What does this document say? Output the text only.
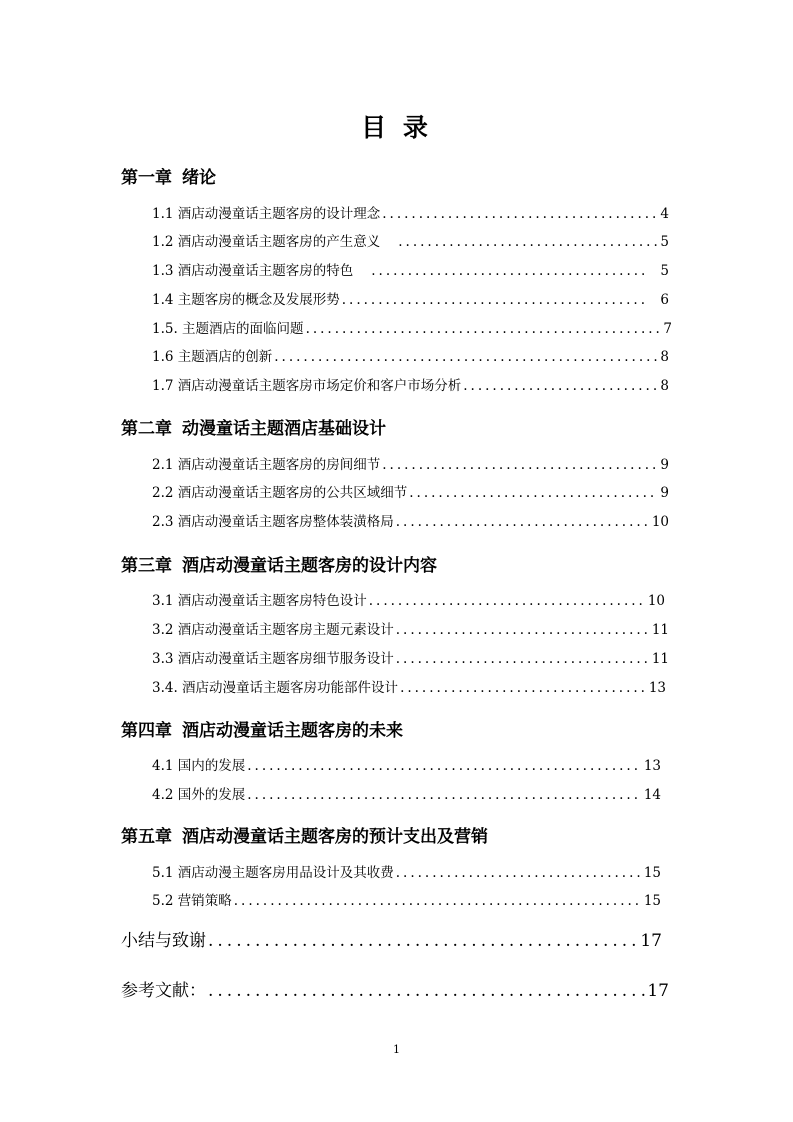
目 录
第一章 绪论
1.1 酒店动漫童话主题客房的设计理念 .....	4
1.2 酒店动漫童话主题客房的产生意义 .....	5
1.3 酒店动漫童话主题客房的特色 .....	5
1.4 主题客房的概念及发展形势 .....	6
1.5. 主题酒店的面临问题 .....	7
1.6 主题酒店的创新 .....	8
1.7 酒店动漫童话主题客房市场定价和客户市场分析 .....	8
第二章 动漫童话主题酒店基础设计
2.1 酒店动漫童话主题客房的房间细节 .....	9
2.2 酒店动漫童话主题客房的公共区域细节 .....	9
2.3 酒店动漫童话主题客房整体装潢格局 .....	10
第三章 酒店动漫童话主题客房的设计内容
3.1 酒店动漫童话主题客房特色设计 .....	10
3.2 酒店动漫童话主题客房主题元素设计 .....	11
3.3 酒店动漫童话主题客房细节服务设计 .....	11
3.4. 酒店动漫童话主题客房功能部件设计 .....	13
第四章 酒店动漫童话主题客房的未来
4.1 国内的发展 .....	13
4.2 国外的发展 .....	14
第五章 酒店动漫童话主题客房的预计支出及营销
5.1 酒店动漫主题客房用品设计及其收费 .....	15
5.2 营销策略 .....	15
小结与致谢 .....	17
参考文献： .....	17
1
